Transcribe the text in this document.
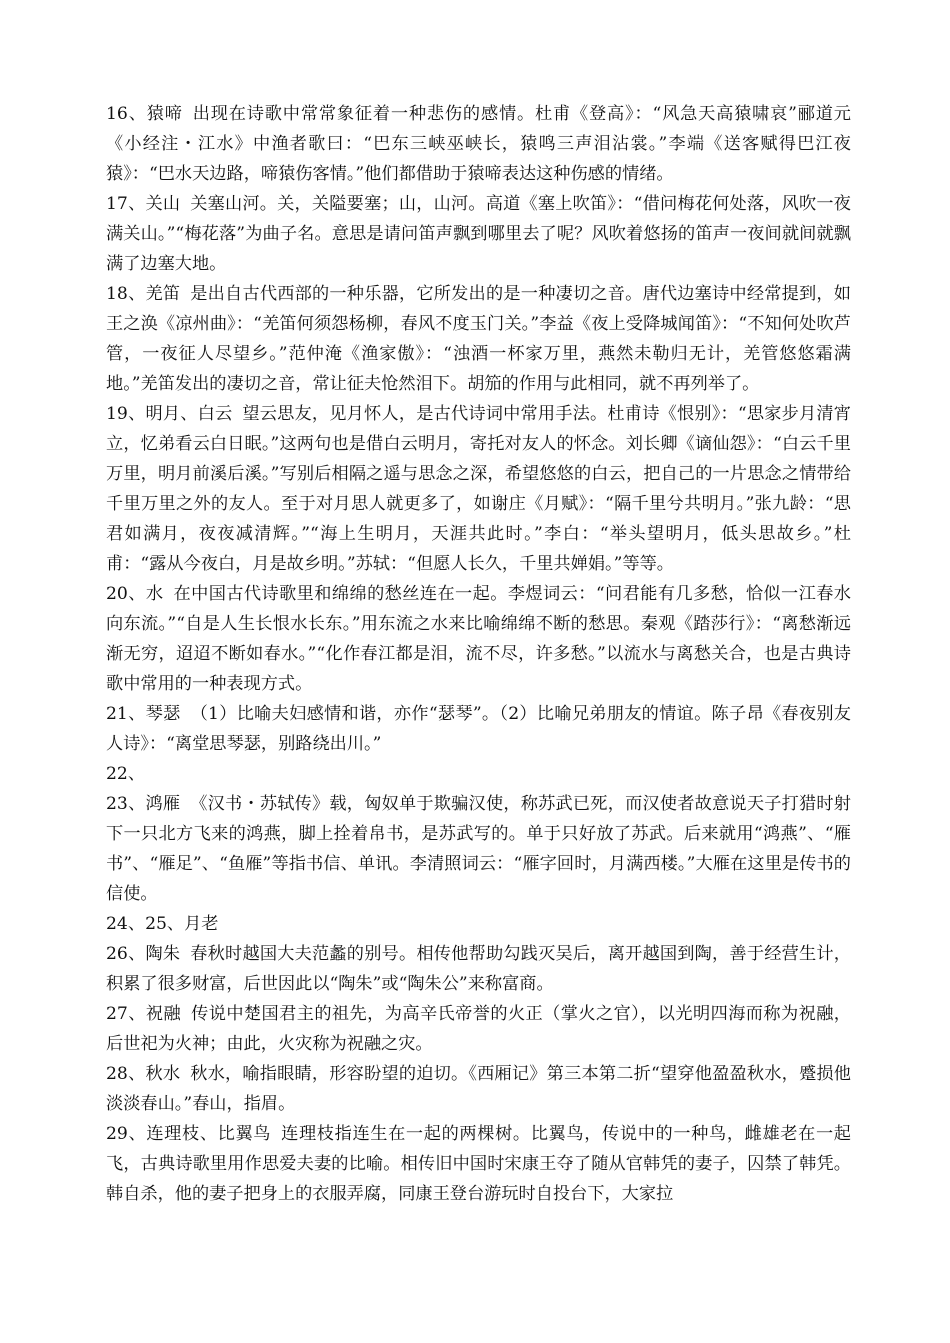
16、猿啼 出现在诗歌中常常象征着一种悲伤的感情。杜甫《登高》：“风急天高猿啸哀”郦道元《小经注・江水》中渔者歌曰：“巴东三峡巫峡长，猿鸣三声泪沾裳。”李端《送客赋得巴江夜猿》：“巴水天边路，啼猿伤客情。”他们都借助于猿啼表达这种伤感的情绪。

17、关山 关塞山河。关，关隘要塞；山，山河。高道《塞上吹笛》：“借问梅花何处落，风吹一夜满关山。”“梅花落”为曲子名。意思是请问笛声飘到哪里去了呢？风吹着悠扬的笛声一夜间就间就飘满了边塞大地。

18、羌笛 是出自古代西部的一种乐器，它所发出的是一种凄切之音。唐代边塞诗中经常提到，如王之涣《凉州曲》：“羌笛何须怨杨柳，春风不度玉门关。”李益《夜上受降城闻笛》：“不知何处吹芦管，一夜征人尽望乡。”范仲淹《渔家傲》：“浊酒一杯家万里，燕然未勒归无计，羌管悠悠霜满地。”羌笛发出的凄切之音，常让征夫怆然泪下。胡笳的作用与此相同，就不再列举了。

19、明月、白云 望云思友，见月怀人，是古代诗词中常用手法。杜甫诗《恨别》：“思家步月清宵立，忆弟看云白日眠。”这两句也是借白云明月，寄托对友人的怀念。刘长卿《谪仙怨》：“白云千里万里，明月前溪后溪。”写别后相隔之遥与思念之深，希望悠悠的白云，把自己的一片思念之情带给千里万里之外的友人。至于对月思人就更多了，如谢庄《月赋》：“隔千里兮共明月。”张九龄：“思君如满月，夜夜减清辉。”“海上生明月，天涯共此时。”李白：“举头望明月，低头思故乡。”杜甫：“露从今夜白，月是故乡明。”苏轼：“但愿人长久，千里共婵娟。”等等。

20、水 在中国古代诗歌里和绵绵的愁丝连在一起。李煜词云：“问君能有几多愁，恰似一江春水向东流。”“自是人生长恨水长东。”用东流之水来比喻绵绵不断的愁思。秦观《踏莎行》：“离愁渐远渐无穷，迢迢不断如春水。”“化作春江都是泪，流不尽，许多愁。”以流水与离愁关合，也是古典诗歌中常用的一种表现方式。

21、琴瑟 （1）比喻夫妇感情和谐，亦作“瑟琴”。（2）比喻兄弟朋友的情谊。陈子昂《春夜别友人诗》：“离堂思琴瑟，别路绕出川。”

22、

23、鸿雁 《汉书・苏轼传》载，匈奴单于欺骗汉使，称苏武已死，而汉使者故意说天子打猎时射下一只北方飞来的鸿燕，脚上拴着帛书，是苏武写的。单于只好放了苏武。后来就用“鸿燕”、“雁书”、“雁足”、“鱼雁”等指书信、单讯。李清照词云：“雁字回时，月满西楼。”大雁在这里是传书的信使。

24、25、月老

26、陶朱 春秋时越国大夫范蠡的别号。相传他帮助勾践灭吴后，离开越国到陶，善于经营生计，积累了很多财富，后世因此以“陶朱”或“陶朱公”来称富商。

27、祝融 传说中楚国君主的祖先，为高辛氏帝誉的火正（掌火之官），以光明四海而称为祝融，后世祀为火神；由此，火灾称为祝融之灾。

28、秋水 秋水，喻指眼睛，形容盼望的迫切。《西厢记》第三本第二折“望穿他盈盈秋水，蹙损他淡淡春山。”春山，指眉。

29、连理枝、比翼鸟 连理枝指连生在一起的两棵树。比翼鸟，传说中的一种鸟，雌雄老在一起飞，古典诗歌里用作思爱夫妻的比喻。相传旧中国时宋康王夺了随从官韩凭的妻子，囚禁了韩凭。韩自杀，他的妻子把身上的衣服弄腐，同康王登台游玩时自投台下，大家拉
